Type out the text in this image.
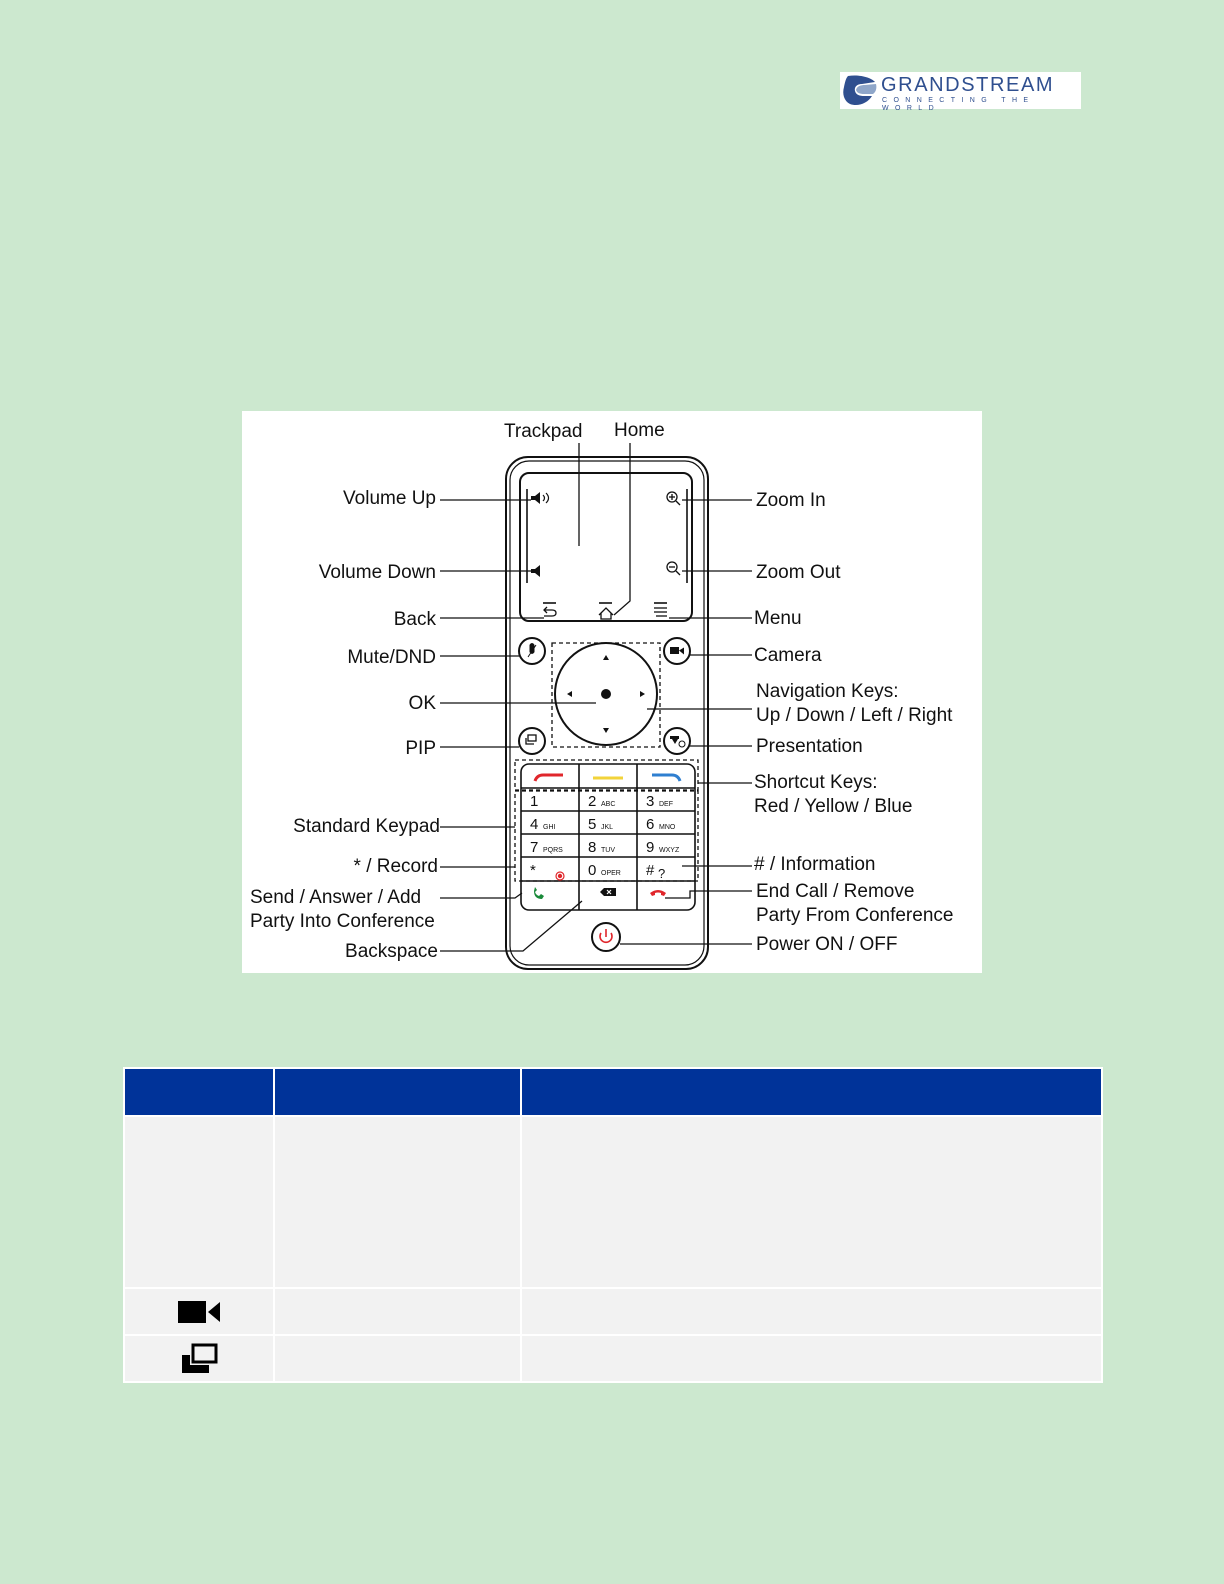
GRANDSTREAM
CONNECTING THE WORLD
1	2 ABC 3 DEF
4 GHI 5 JKL 6 MNO
7 PQRS 8 TUV 9 WXYZ
*	0 OPER # ?
Trackpad Home
Volume Up
Volume Down
Back
Mute/DND
OK
PIP
Standard Keypad
* / Record
Send / Answer / Add
Party Into Conference
Backspace
Zoom In
Zoom Out
Menu
Camera
Navigation Keys:
Up / Down / Left / Right
Presentation
Shortcut Keys:
Red / Yellow / Blue
# / Information
End Call / Remove
Party From Conference
Power ON / OFF
